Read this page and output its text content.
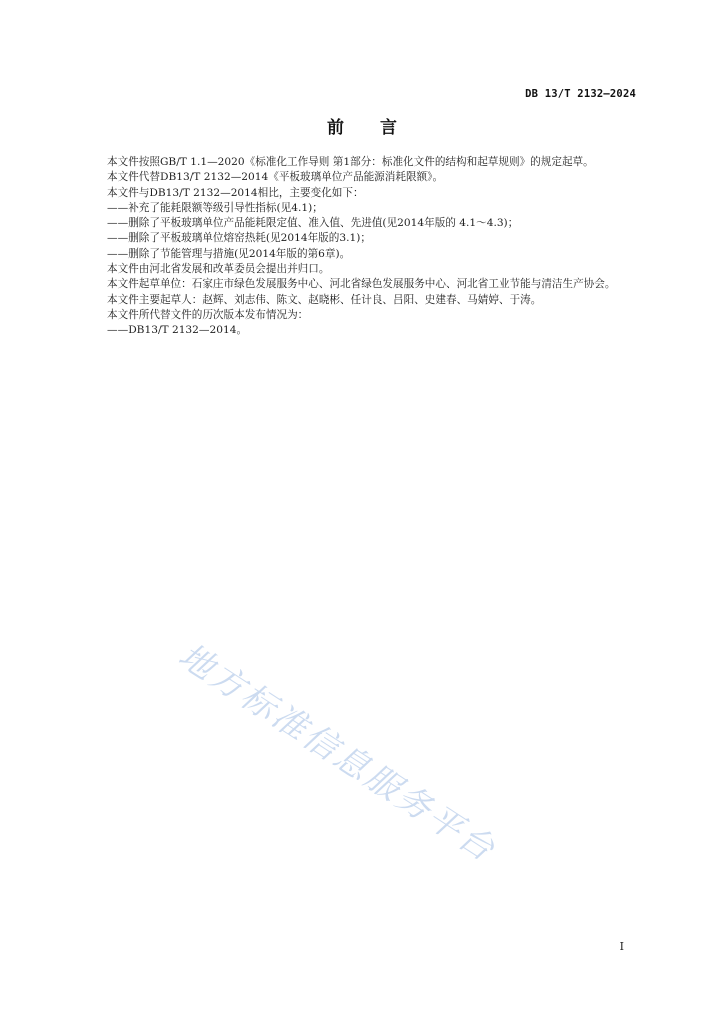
DB 13/T 2132—2024
前 言

本文件按照GB/T 1.1—2020《标准化工作导则 第1部分：标准化文件的结构和起草规则》的规定起草。

本文件代替DB13/T 2132—2014《平板玻璃单位产品能源消耗限额》。

本文件与DB13/T 2132—2014相比，主要变化如下：

——补充了能耗限额等级引导性指标(见4.1)；

——删除了平板玻璃单位产品能耗限定值、准入值、先进值(见2014年版的 4.1～4.3)；

——删除了平板玻璃单位熔窑热耗(见2014年版的3.1)；

——删除了节能管理与措施(见2014年版的第6章)。

本文件由河北省发展和改革委员会提出并归口。

本文件起草单位：石家庄市绿色发展服务中心、河北省绿色发展服务中心、河北省工业节能与清洁生产协会。

本文件主要起草人：赵辉、刘志伟、陈文、赵晓彬、任计良、吕阳、史建春、马婧婷、于涛。

本文件所代替文件的历次版本发布情况为：

——DB13/T 2132—2014。

地方标准信息服务平台
I
